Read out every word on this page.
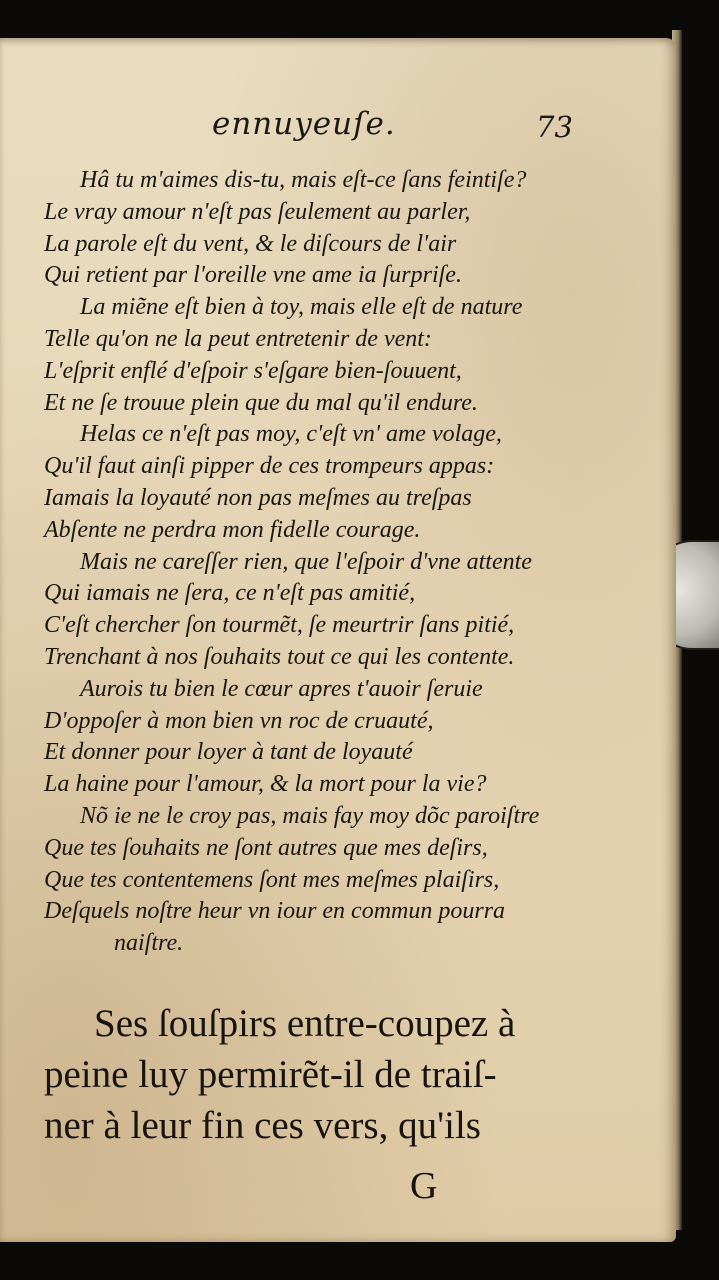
ennuyeuſe.	73
Hâ tu m'aimes dis-tu, mais eſt-ce ſans feintiſe?
Le vray amour n'eſt pas ſeulement au parler,
La parole eſt du vent, & le diſcours de l'air
Qui retient par l'oreille vne ame ia ſurpriſe.
La miẽne eſt bien à toy, mais elle eſt de nature
Telle qu'on ne la peut entretenir de vent:
L'eſprit enflé d'eſpoir s'eſgare bien-ſouuent,
Et ne ſe trouue plein que du mal qu'il endure.
Helas ce n'eſt pas moy, c'eſt vn' ame volage,
Qu'il faut ainſi pipper de ces trompeurs appas:
Iamais la loyauté non pas meſmes au treſpas
Abſente ne perdra mon fidelle courage.
Mais ne careſſer rien, que l'eſpoir d'vne attente
Qui iamais ne ſera, ce n'eſt pas amitié,
C'eſt chercher ſon tourmẽt, ſe meurtrir ſans pitié,
Trenchant à nos ſouhaits tout ce qui les contente.
Aurois tu bien le cœur apres t'auoir ſeruie
D'oppoſer à mon bien vn roc de cruauté,
Et donner pour loyer à tant de loyauté
La haine pour l'amour, & la mort pour la vie?
Nõ ie ne le croy pas, mais fay moy dõc paroiſtre
Que tes ſouhaits ne ſont autres que mes deſirs,
Que tes contentemens ſont mes meſmes plaiſirs,
Deſquels noſtre heur vn iour en commun pourra
naiſtre.
Ses ſouſpirs entre-coupez à
peine luy permirẽt-il de traiſ-
ner à leur fin ces vers, qu'ils
G
